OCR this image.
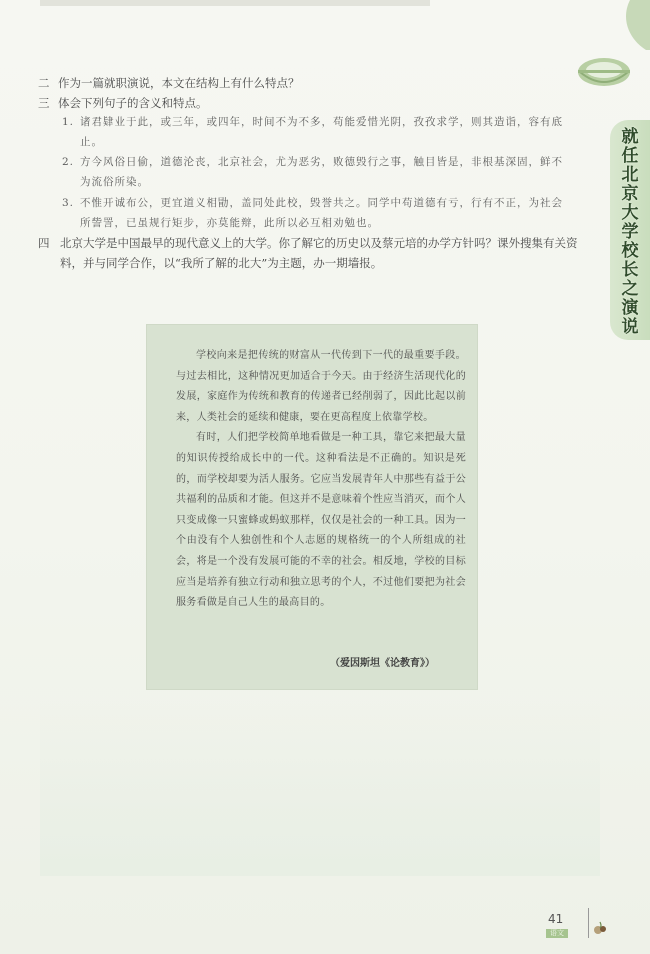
就任北京大学校长之演说
二 作为一篇就职演说，本文在结构上有什么特点？
三 体会下列句子的含义和特点。
1. 诸君肄业于此，或三年，或四年，时间不为不多，苟能爱惜光阴，孜孜求学，则其造诣，容有底止。
2. 方今风俗日偷，道德沦丧，北京社会，尤为恶劣，败德毁行之事，触目皆是，非根基深固，鲜不为流俗所染。
3. 不惟开诚布公，更宜道义相勖，盖同处此校，毁誉共之。同学中苟道德有亏，行有不正，为社会所訾詈，已虽规行矩步，亦莫能辩，此所以必互相劝勉也。
四 北京大学是中国最早的现代意义上的大学。你了解它的历史以及蔡元培的办学方针吗？课外搜集有关资料，并与同学合作，以“我所了解的北大”为主题，办一期墙报。

学校向来是把传统的财富从一代传到下一代的最重要手段。与过去相比，这种情况更加适合于今天。由于经济生活现代化的发展，家庭作为传统和教育的传递者已经削弱了，因此比起以前来，人类社会的延续和健康，要在更高程度上依靠学校。

有时，人们把学校简单地看做是一种工具，靠它来把最大量的知识传授给成长中的一代。这种看法是不正确的。知识是死的，而学校却要为活人服务。它应当发展青年人中那些有益于公共福利的品质和才能。但这并不是意味着个性应当消灭，而个人只变成像一只蜜蜂或蚂蚁那样，仅仅是社会的一种工具。因为一个由没有个人独创性和个人志愿的规格统一的个人所组成的社会，将是一个没有发展可能的不幸的社会。相反地，学校的目标应当是培养有独立行动和独立思考的个人，不过他们要把为社会服务看做是自己人生的最高目的。

（爱因斯坦《论教育》）
41
语文
